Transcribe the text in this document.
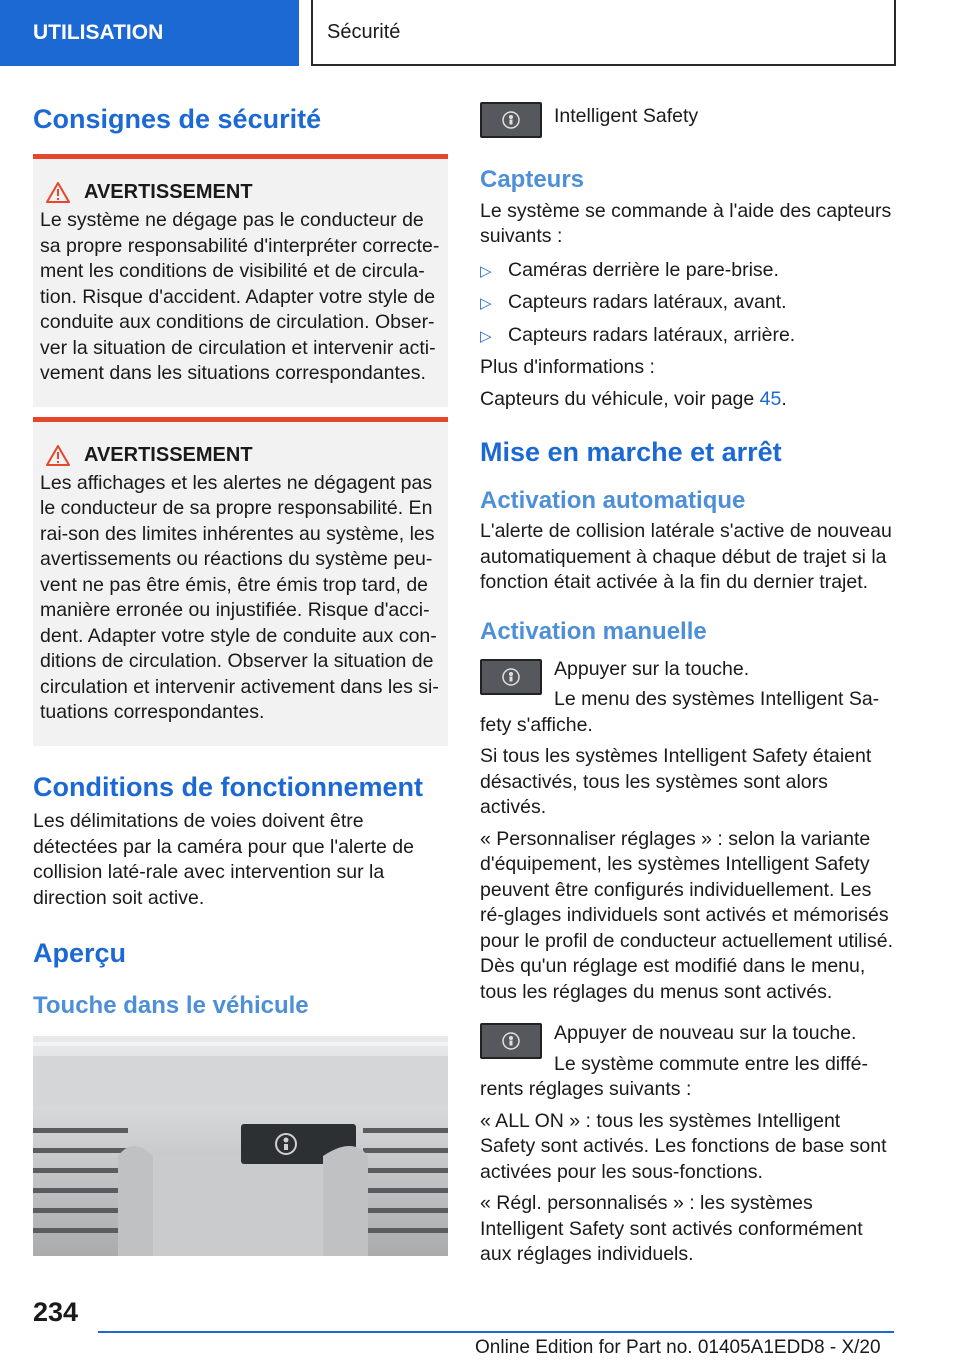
UTILISATION	Sécurité
Consignes de sécurité
AVERTISSEMENT

Le système ne dégage pas le conducteur de sa propre responsabilité d'interpréter correcte-ment les conditions de visibilité et de circula-tion. Risque d'accident. Adapter votre style de conduite aux conditions de circulation. Obser-ver la situation de circulation et intervenir acti-vement dans les situations correspondantes.

AVERTISSEMENT

Les affichages et les alertes ne dégagent pas le conducteur de sa propre responsabilité. En rai-son des limites inhérentes au système, les avertissements ou réactions du système peu-vent ne pas être émis, être émis trop tard, de manière erronée ou injustifiée. Risque d'acci-dent. Adapter votre style de conduite aux con-ditions de circulation. Observer la situation de circulation et intervenir activement dans les si-tuations correspondantes.

Conditions de fonctionnement

Les délimitations de voies doivent être détectées par la caméra pour que l'alerte de collision laté-rale avec intervention sur la direction soit active.

Aperçu
Touche dans le véhicule

Intelligent Safety

Capteurs

Le système se commande à l'aide des capteurs suivants :

▷ Caméras derrière le pare-brise.

▷ Capteurs radars latéraux, avant.

▷ Capteurs radars latéraux, arrière.

Plus d'informations :

Capteurs du véhicule, voir page 45.

Mise en marche et arrêt
Activation automatique

L'alerte de collision latérale s'active de nouveau automatiquement à chaque début de trajet si la fonction était activée à la fin du dernier trajet.

Activation manuelle

Appuyer sur la touche.

Le menu des systèmes Intelligent Sa-

fety s'affiche.

Si tous les systèmes Intelligent Safety étaient désactivés, tous les systèmes sont alors activés.

« Personnaliser réglages » : selon la variante d'équipement, les systèmes Intelligent Safety peuvent être configurés individuellement. Les ré-glages individuels sont activés et mémorisés pour le profil de conducteur actuellement utilisé. Dès qu'un réglage est modifié dans le menu, tous les réglages du menus sont activés.

Appuyer de nouveau sur la touche.

Le système commute entre les diffé-

rents réglages suivants :

« ALL ON » : tous les systèmes Intelligent Safety sont activés. Les fonctions de base sont activées pour les sous-fonctions.

« Régl. personnalisés » : les systèmes Intelligent Safety sont activés conformément aux réglages individuels.

234
Online Edition for Part no. 01405A1EDD8 - X/20
